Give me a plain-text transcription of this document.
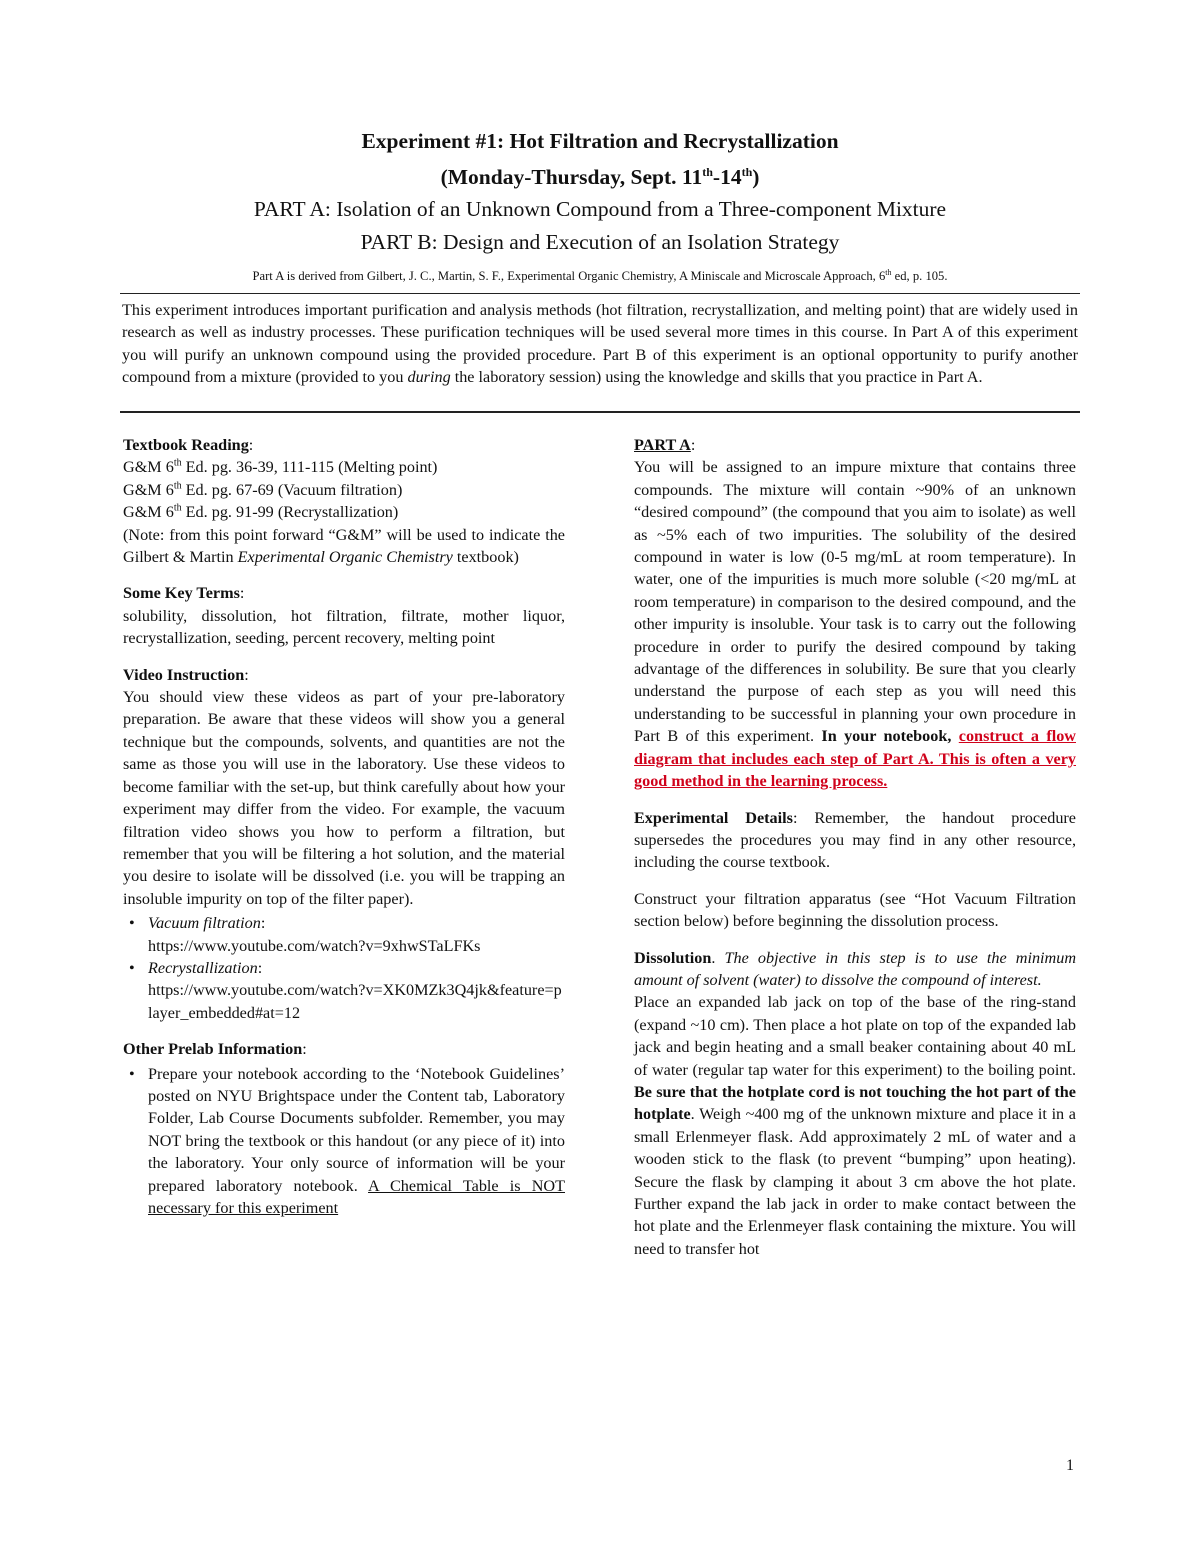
Experiment #1: Hot Filtration and Recrystallization
(Monday-Thursday, Sept. 11th-14th)
PART A: Isolation of an Unknown Compound from a Three-component Mixture
PART B: Design and Execution of an Isolation Strategy
Part A is derived from Gilbert, J. C., Martin, S. F., Experimental Organic Chemistry, A Miniscale and Microscale Approach, 6th ed, p. 105.
This experiment introduces important purification and analysis methods (hot filtration, recrystallization, and melting point) that are widely used in research as well as industry processes. These purification techniques will be used several more times in this course. In Part A of this experiment you will purify an unknown compound using the provided procedure. Part B of this experiment is an optional opportunity to purify another compound from a mixture (provided to you during the laboratory session) using the knowledge and skills that you practice in Part A.

Textbook Reading:

G&M 6th Ed. pg. 36-39, 111-115 (Melting point)

G&M 6th Ed. pg. 67-69 (Vacuum filtration)

G&M 6th Ed. pg. 91-99 (Recrystallization)

(Note: from this point forward “G&M” will be used to indicate the Gilbert & Martin Experimental Organic Chemistry textbook)

Some Key Terms:

solubility, dissolution, hot filtration, filtrate, mother liquor, recrystallization, seeding, percent recovery, melting point

Video Instruction:

You should view these videos as part of your pre-laboratory preparation. Be aware that these videos will show you a general technique but the compounds, solvents, and quantities are not the same as those you will use in the laboratory. Use these videos to become familiar with the set-up, but think carefully about how your experiment may differ from the video. For example, the vacuum filtration video shows you how to perform a filtration, but remember that you will be filtering a hot solution, and the material you desire to isolate will be dissolved (i.e. you will be trapping an insoluble impurity on top of the filter paper).

• Vacuum filtration:
https://www.youtube.com/watch?v=9xhwSTaLFKs
• Recrystallization:
https://www.youtube.com/watch?v=XK0MZk3Q4jk&feature=player_embedded#at=12

Other Prelab Information:

• Prepare your notebook according to the ‘Notebook Guidelines’ posted on NYU Brightspace under the Content tab, Laboratory Folder, Lab Course Documents subfolder. Remember, you may NOT bring the textbook or this handout (or any piece of it) into the laboratory. Your only source of information will be your prepared laboratory notebook. A Chemical Table is NOT necessary for this experiment

PART A:

You will be assigned to an impure mixture that contains three compounds. The mixture will contain ~90% of an unknown “desired compound” (the compound that you aim to isolate) as well as ~5% each of two impurities. The solubility of the desired compound in water is low (0-5 mg/mL at room temperature). In water, one of the impurities is much more soluble (<20 mg/mL at room temperature) in comparison to the desired compound, and the other impurity is insoluble. Your task is to carry out the following procedure in order to purify the desired compound by taking advantage of the differences in solubility. Be sure that you clearly understand the purpose of each step as you will need this understanding to be successful in planning your own procedure in Part B of this experiment. In your notebook, construct a flow diagram that includes each step of Part A. This is often a very good method in the learning process.

Experimental Details: Remember, the handout procedure supersedes the procedures you may find in any other resource, including the course textbook.

Construct your filtration apparatus (see “Hot Vacuum Filtration section below) before beginning the dissolution process.

Dissolution. The objective in this step is to use the minimum amount of solvent (water) to dissolve the compound of interest.

Place an expanded lab jack on top of the base of the ring-stand (expand ~10 cm). Then place a hot plate on top of the expanded lab jack and begin heating and a small beaker containing about 40 mL of water (regular tap water for this experiment) to the boiling point. Be sure that the hotplate cord is not touching the hot part of the hotplate. Weigh ~400 mg of the unknown mixture and place it in a small Erlenmeyer flask. Add approximately 2 mL of water and a wooden stick to the flask (to prevent “bumping” upon heating). Secure the flask by clamping it about 3 cm above the hot plate. Further expand the lab jack in order to make contact between the hot plate and the Erlenmeyer flask containing the mixture. You will need to transfer hot

1
